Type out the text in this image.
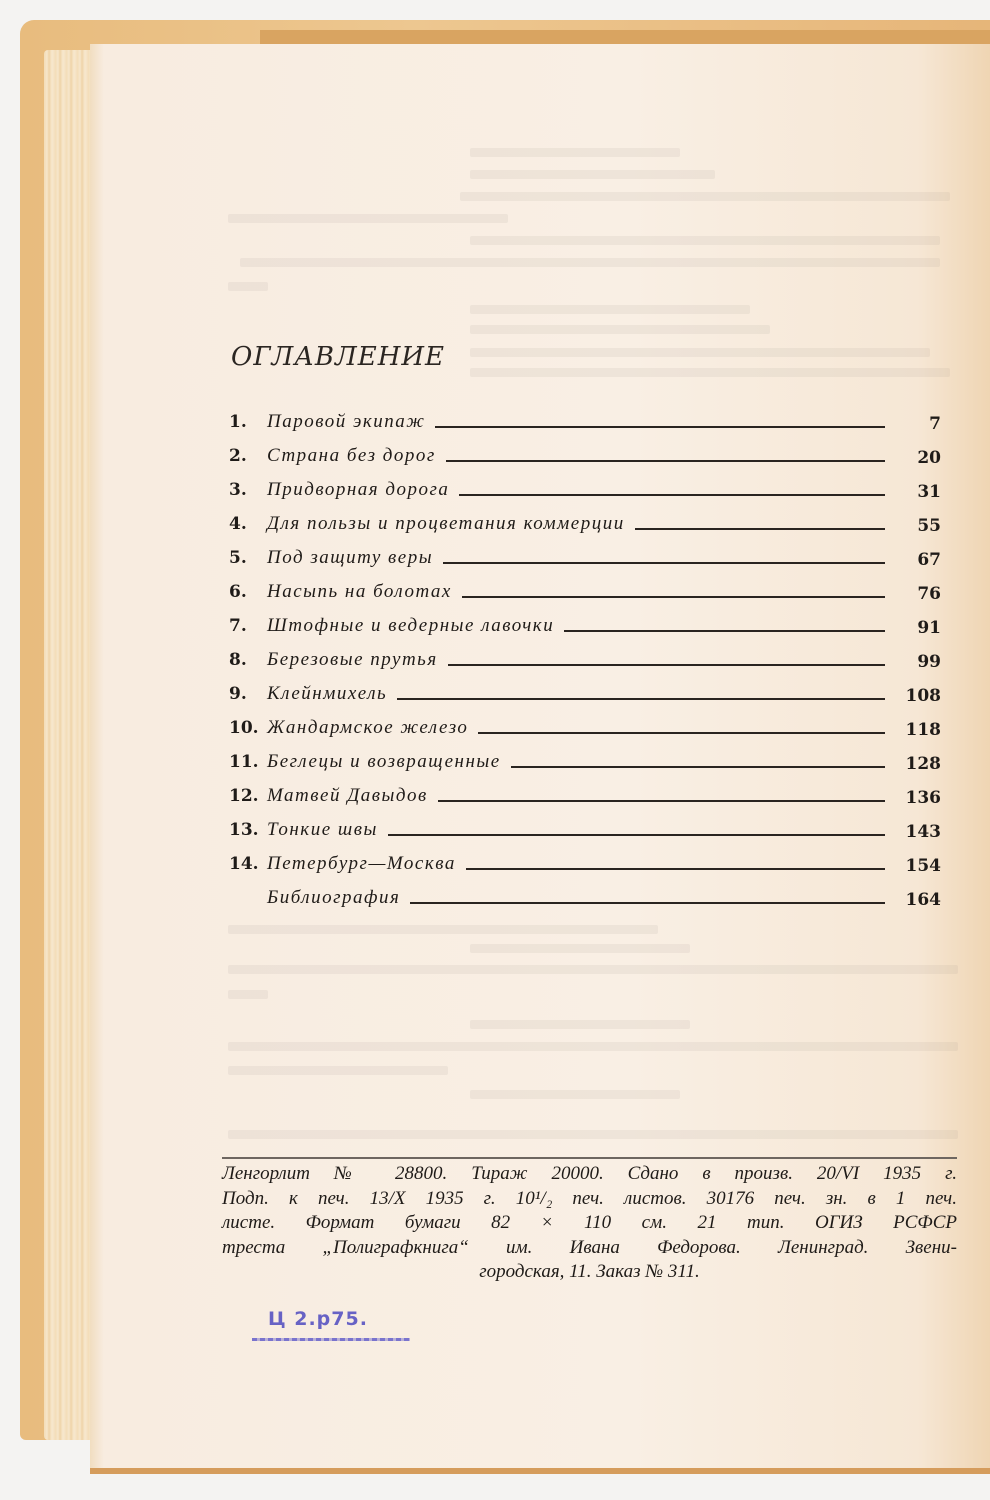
ОГЛАВЛЕНИЕ
1.	Паровой экипаж	7
2.	Страна без дорог	20
3.	Придворная дорога	31
4.	Для пользы и процветания коммерции	55
5.	Под защиту веры	67
6.	Насыпь на болотах	76
7.	Штофные и ведерные лавочки	91
8.	Березовые прутья	99
9.	Клейнмихель	108
10. Жандармское железо	118
11. Беглецы и возвращенные	128
12. Матвей Давыдов	136
13. Тонкие швы	143
14. Петербург—Москва	154
Библиография	164
Ленгорлит № 28800. Тираж 20000. Сдано в произв. 20/VI 1935 г.
Подп. к печ. 13/X 1935 г. 10¹/₂ печ. листов. 30176 печ. зн. в 1 печ.
листе. Формат бумаги 82 × 110 см. 21 тип. ОГИЗ РСФСР
треста „Полиграфкнига“ им. Ивана Федорова. Ленинград. Звени-
городская, 11. Заказ № 311.
Ц 2.р75.
